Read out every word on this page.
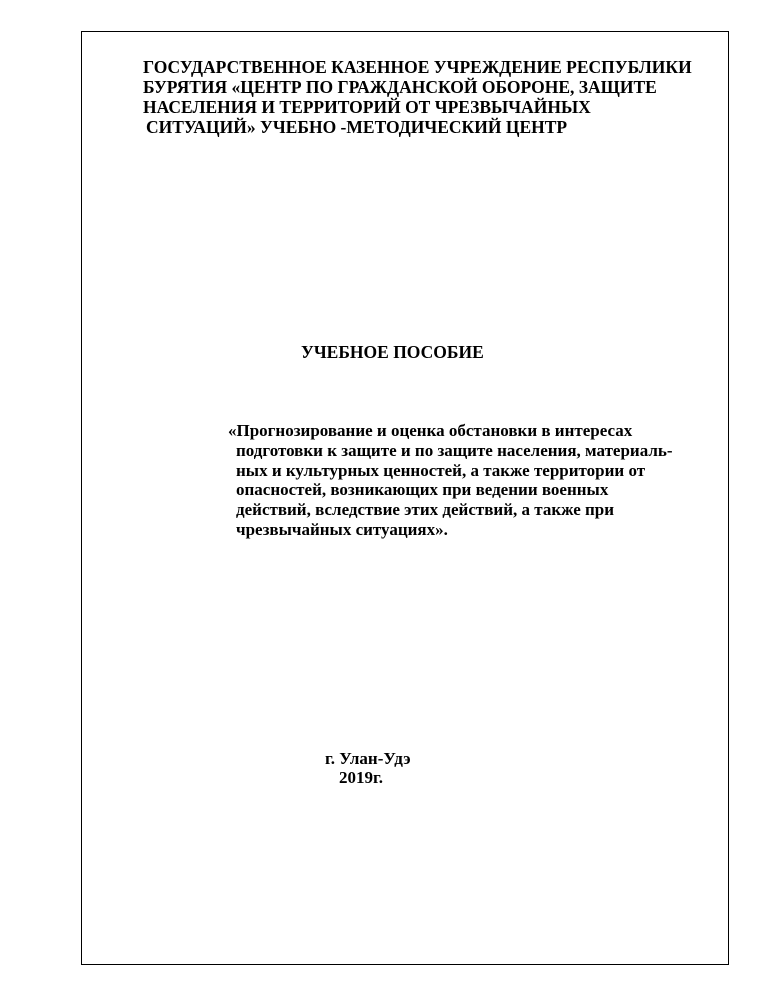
ГОСУДАРСТВЕННОЕ КАЗЕННОЕ УЧРЕЖДЕНИЕ РЕСПУБЛИКИ

БУРЯТИЯ «ЦЕНТР ПО ГРАЖДАНСКОЙ ОБОРОНЕ, ЗАЩИТЕ

НАСЕЛЕНИЯ И ТЕРРИТОРИЙ ОТ ЧРЕЗВЫЧАЙНЫХ

СИТУАЦИЙ» УЧЕБНО -МЕТОДИЧЕСКИЙ ЦЕНТР

УЧЕБНОЕ ПОСОБИЕ

«Прогнозирование и оценка обстановки в интересах

подготовки к защите и по защите населения, материаль-

ных и культурных ценностей, а также территории от

опасностей, возникающих при ведении военных

действий, вследствие этих действий, а также при

чрезвычайных ситуациях».

г. Улан-Удэ

2019г.
